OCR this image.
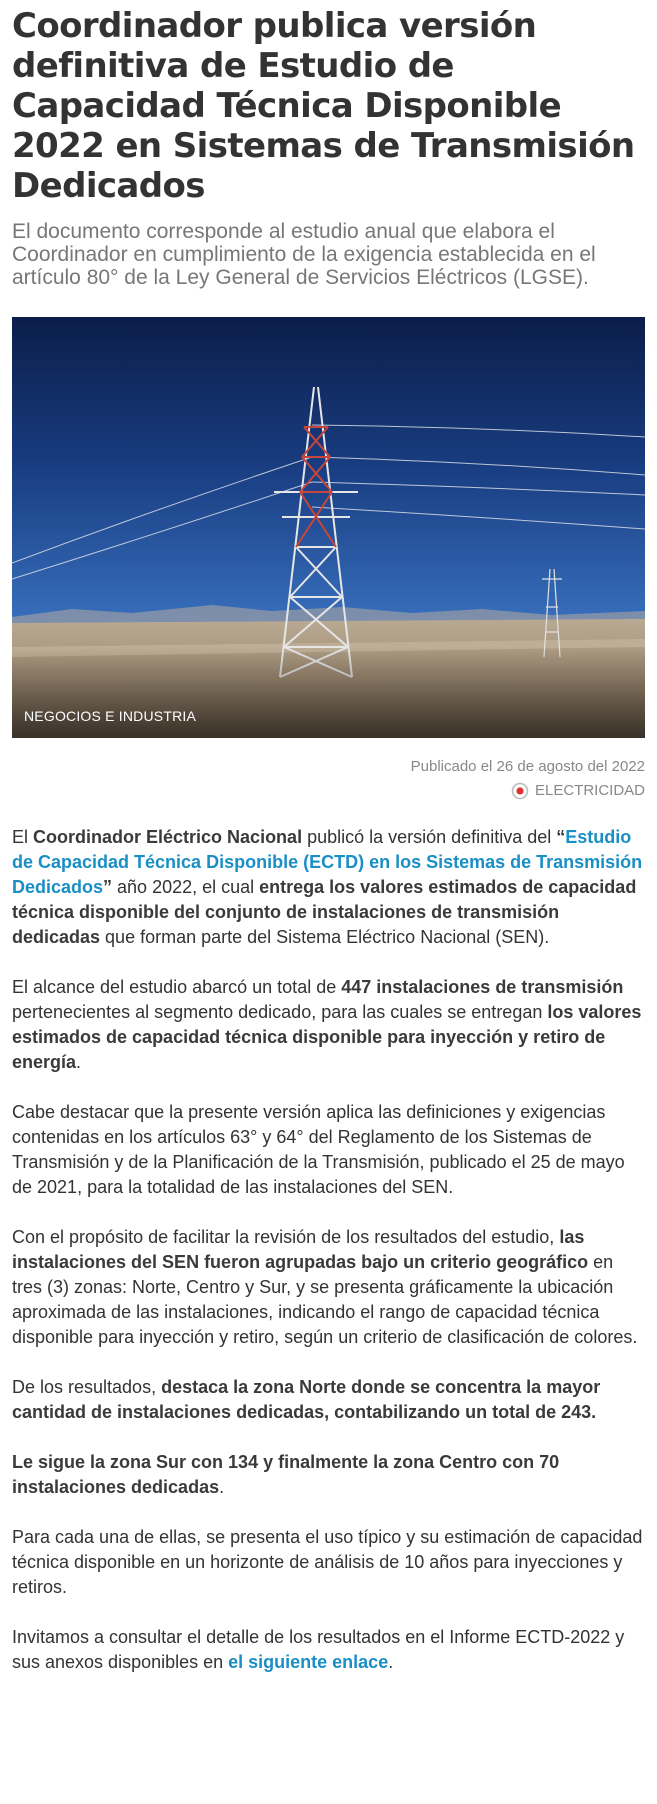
Coordinador publica versión definitiva de Estudio de Capacidad Técnica Disponible 2022 en Sistemas de Transmisión Dedicados

El documento corresponde al estudio anual que elabora el Coordinador en cumplimiento de la exigencia establecida en el artículo 80° de la Ley General de Servicios Eléctricos (LGSE).

NEGOCIOS E INDUSTRIA
Publicado el 26 de agosto del 2022
ELECTRICIDAD

El Coordinador Eléctrico Nacional publicó la versión definitiva del “Estudio de Capacidad Técnica Disponible (ECTD) en los Sistemas de Transmisión Dedicados” año 2022, el cual entrega los valores estimados de capacidad técnica disponible del conjunto de instalaciones de transmisión dedicadas que forman parte del Sistema Eléctrico Nacional (SEN).

El alcance del estudio abarcó un total de 447 instalaciones de transmisión pertenecientes al segmento dedicado, para las cuales se entregan los valores estimados de capacidad técnica disponible para inyección y retiro de energía.

Cabe destacar que la presente versión aplica las definiciones y exigencias contenidas en los artículos 63° y 64° del Reglamento de los Sistemas de Transmisión y de la Planificación de la Transmisión, publicado el 25 de mayo de 2021, para la totalidad de las instalaciones del SEN.

Con el propósito de facilitar la revisión de los resultados del estudio, las instalaciones del SEN fueron agrupadas bajo un criterio geográfico en tres (3) zonas: Norte, Centro y Sur, y se presenta gráficamente la ubicación aproximada de las instalaciones, indicando el rango de capacidad técnica disponible para inyección y retiro, según un criterio de clasificación de colores.

De los resultados, destaca la zona Norte donde se concentra la mayor cantidad de instalaciones dedicadas, contabilizando un total de 243.

Le sigue la zona Sur con 134 y finalmente la zona Centro con 70 instalaciones dedicadas.

Para cada una de ellas, se presenta el uso típico y su estimación de capacidad técnica disponible en un horizonte de análisis de 10 años para inyecciones y retiros.

Invitamos a consultar el detalle de los resultados en el Informe ECTD-2022 y sus anexos disponibles en el siguiente enlace.
